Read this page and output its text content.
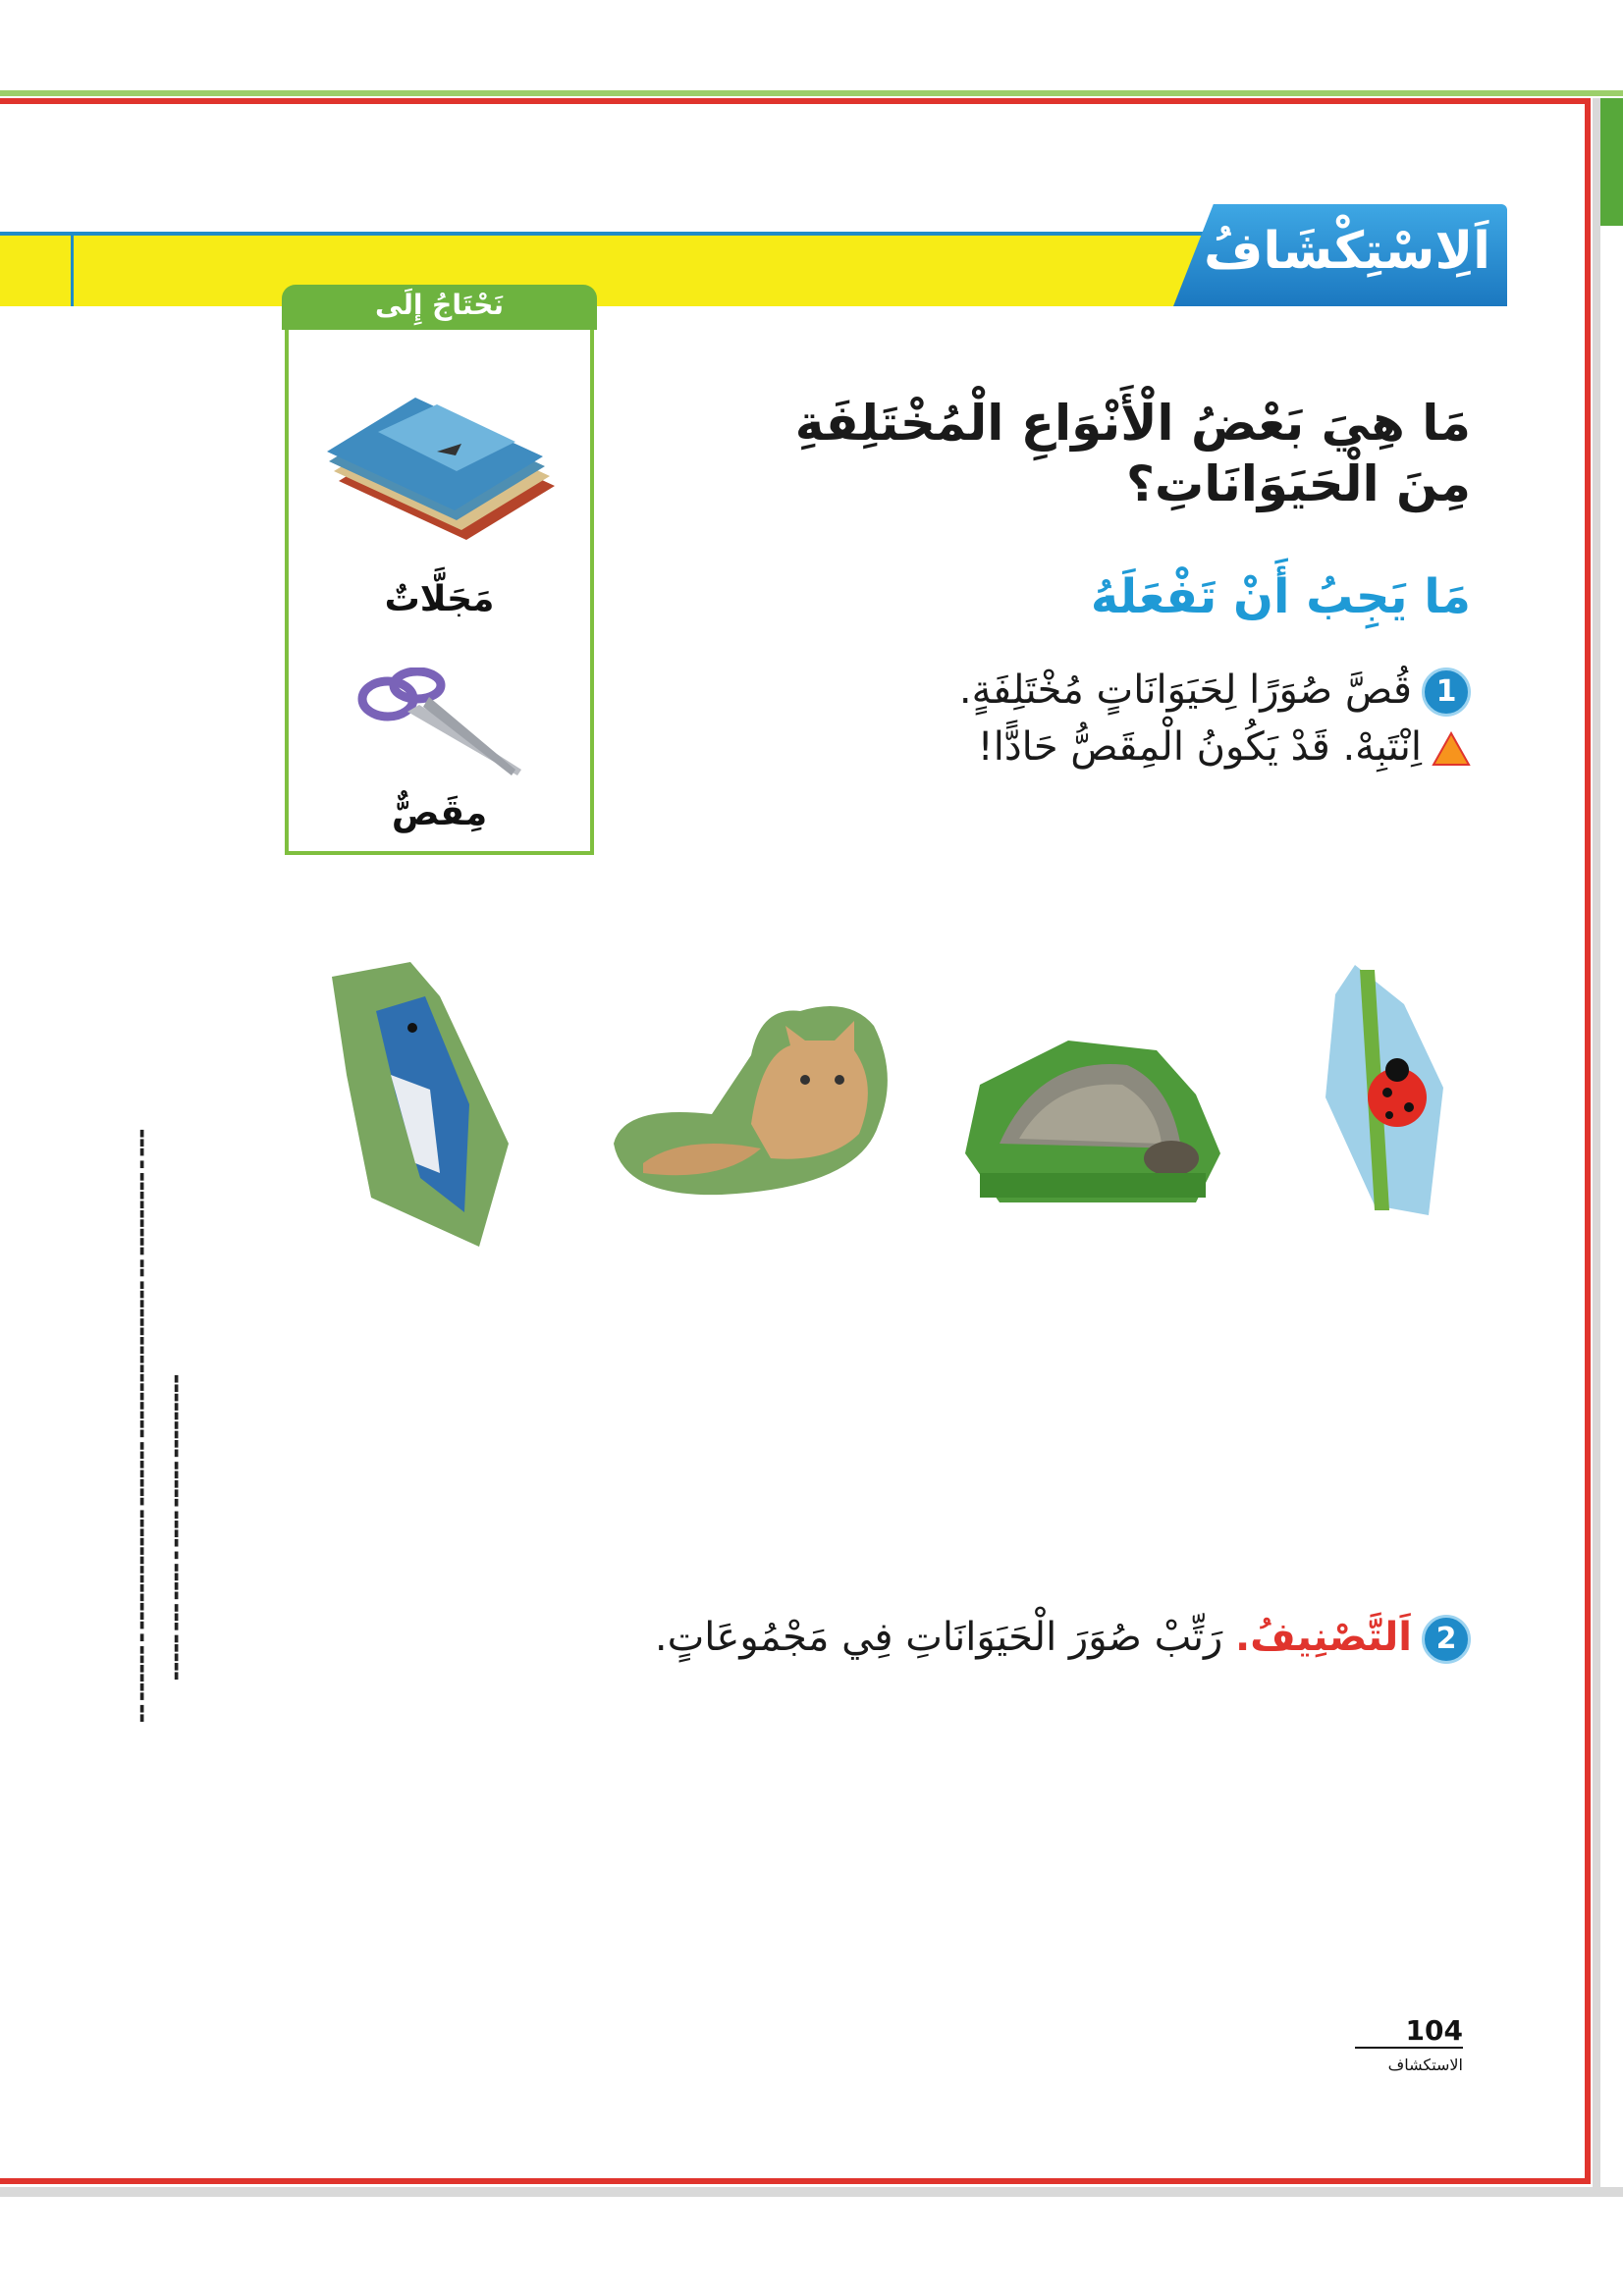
اَلِاسْتِكْشَافُ
نَحْتَاجُ إِلَى
مَجَلَّاتٌ
مِقَصٌّ
▬▬▬ ▬ ▬▬▬▬▬▬▬▬▬ ▬▬ ▬▬▬▬▬▬▬▬▬▬▬▬▬▬▬▬▬ ▬▬▬▬▬▬▬ ▬▬▬▬▬▬▬▬▬▬▬▬▬ ▬ ▬▬▬▬▬▬ ▬▬ ▬▬▬▬▬▬▬▬▬ ▬▬▬▬▬ ▬▬▬▬ ▬ ▬▬▬▬ ▬▬▬ ▬▬▬▬▬
مَا هِيَ بَعْضُ الْأَنْوَاعِ الْمُخْتَلِفَةِ مِنَ الْحَيَوَانَاتِ؟
مَا يَجِبُ أَنْ تَفْعَلَهُ
1قُصَّ صُوَرًا لِحَيَوَانَاتٍ مُخْتَلِفَةٍ.
اِنْتَبِهْ. قَدْ يَكُونُ الْمِقَصُّ حَادًّا!
2اَلتَّصْنِيفُ. رَتِّبْ صُوَرَ الْحَيَوَانَاتِ فِي مَجْمُوعَاتٍ.
104
الاستكشاف
